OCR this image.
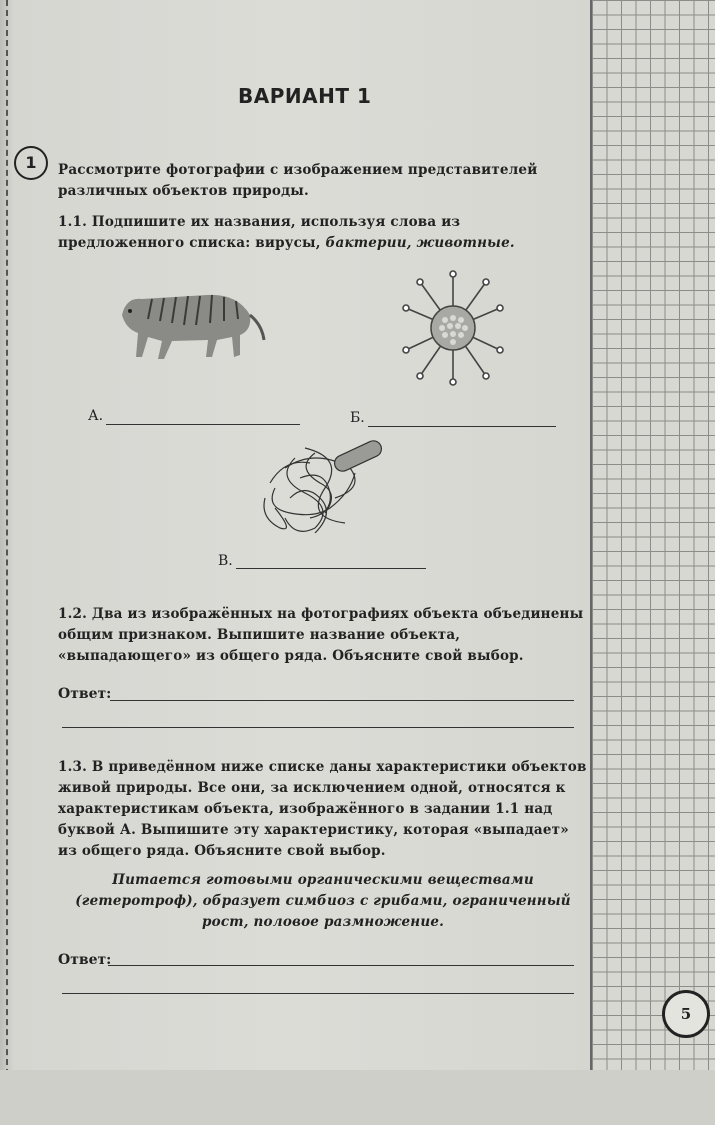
ВАРИАНТ 1
1	Рассмотрите фотографии с изображением представителей различных объектов природы.
1.1. Подпишите их названия, используя слова из предложенного списка: вирусы, бактерии, животные.
А.	Б.
В.
1.2. Два из изображённых на фотографиях объекта объединены общим признаком. Выпишите название объекта, «выпадающего» из общего ряда. Объясните свой выбор.
Ответ:
1.3. В приведённом ниже списке даны характеристики объектов живой природы. Все они, за исключением одной, относятся к характеристикам объекта, изображённого в задании 1.1 над буквой А. Выпишите эту характеристику, которая «выпадает» из общего ряда. Объясните свой выбор.
Питается готовыми органическими веществами (гетеротроф), образует симбиоз с грибами, ограниченный рост, половое размножение.
Ответ:
5
